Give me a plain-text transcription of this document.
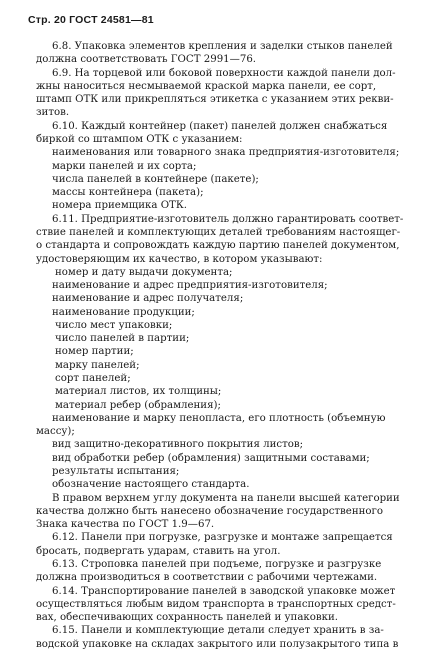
Стр. 20 ГОСТ 24581—81
6.8. Упаковка элементов крепления и заделки стыков панелей
должна соответствовать ГОСТ 2991—76.
6.9. На торцевой или боковой поверхности каждой панели дол-
жны наноситься несмываемой краской марка панели, ее сорт,
штамп ОТК или прикрепляться этикетка с указанием этих рекви-
зитов.
6.10. Каждый контейнер (пакет) панелей должен снабжаться
биркой со штампом ОТК с указанием:
наименования или товарного знака предприятия-изготовителя;
марки панелей и их сорта;
числа панелей в контейнере (пакете);
массы контейнера (пакета);
номера приемщика ОТК.
6.11. Предприятие-изготовитель должно гарантировать соответ-
ствие панелей и комплектующих деталей требованиям настоящег-
о стандарта и сопровождать каждую партию панелей документом,
удостоверяющим их качество, в котором указывают:
номер и дату выдачи документа;
наименование и адрес предприятия-изготовителя;
наименование и адрес получателя;
наименование продукции;
число мест упаковки;
число панелей в партии;
номер партии;
марку панелей;
сорт панелей;
материал листов, их толщины;
материал ребер (обрамления);
наименование и марку пенопласта, его плотность (объемную
массу);
вид защитно-декоративного покрытия листов;
вид обработки ребер (обрамления) защитными составами;
результаты испытания;
обозначение настоящего стандарта.
В правом верхнем углу документа на панели высшей категории
качества должно быть нанесено обозначение государственного
Знака качества по ГОСТ 1.9—67.
6.12. Панели при погрузке, разгрузке и монтаже запрещается
бросать, подвергать ударам, ставить на угол.
6.13. Строповка панелей при подъеме, погрузке и разгрузке
должна производиться в соответствии с рабочими чертежами.
6.14. Транспортирование панелей в заводской упаковке может
осуществляться любым видом транспорта в транспортных средст-
вах, обеспечивающих сохранность панелей и упаковки.
6.15. Панели и комплектующие детали следует хранить в за-
водской упаковке на складах закрытого или полузакрытого типа в
